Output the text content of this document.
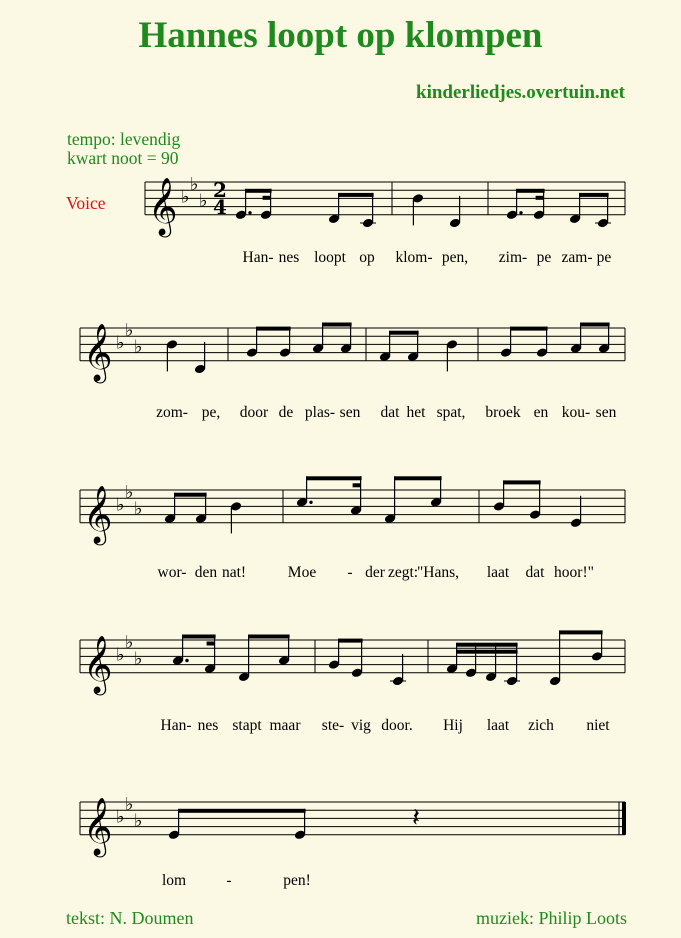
Hannes loopt op klompen
kinderliedjes.overtuin.net
tempo: levendig
kwart noot = 90
Voice
tekst: N. Doumen	muziek: Philip Loots
𝄞 ♭
♭
♭ 2
4
Han- nes loopt op klom- pen, zim- pe zam- pe
𝄞 ♭
♭
♭
zom- pe, door de plas- sen dat het spat, broek en kou- sen
𝄞 ♭
♭
♭
wor- den nat!	Moe - der zegt:
"Hans, laat dat hoor!"
𝄞 ♭
♭
♭
Han- nes stapt maar ste- vig door. Hij laat zich niet
𝄞 ♭
♭
♭	𝄽
lom	-	pen!
